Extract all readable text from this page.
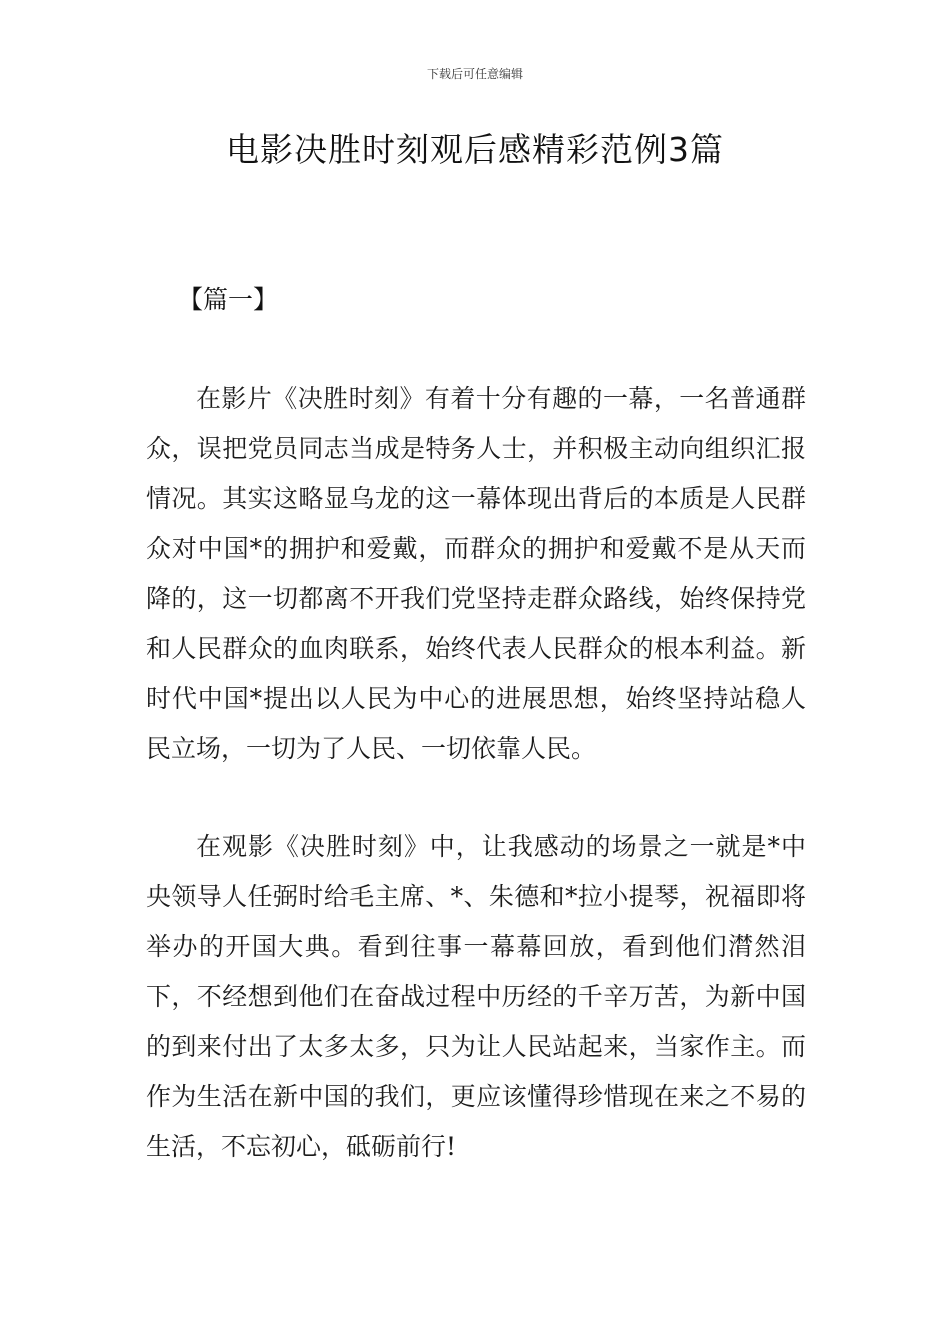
下载后可任意编辑
电影决胜时刻观后感精彩范例3篇
【篇一】

在影片《决胜时刻》有着十分有趣的一幕，一名普通群众，误把党员同志当成是特务人士，并积极主动向组织汇报情况。其实这略显乌龙的这一幕体现出背后的本质是人民群众对中国*的拥护和爱戴，而群众的拥护和爱戴不是从天而降的，这一切都离不开我们党坚持走群众路线，始终保持党和人民群众的血肉联系，始终代表人民群众的根本利益。新时代中国*提出以人民为中心的进展思想，始终坚持站稳人民立场，一切为了人民、一切依靠人民。

在观影《决胜时刻》中，让我感动的场景之一就是*中央领导人任弼时给毛主席、*、朱德和*拉小提琴，祝福即将举办的开国大典。看到往事一幕幕回放，看到他们潸然泪下，不经想到他们在奋战过程中历经的千辛万苦，为新中国的到来付出了太多太多，只为让人民站起来，当家作主。而作为生活在新中国的我们，更应该懂得珍惜现在来之不易的生活，不忘初心，砥砺前行!
